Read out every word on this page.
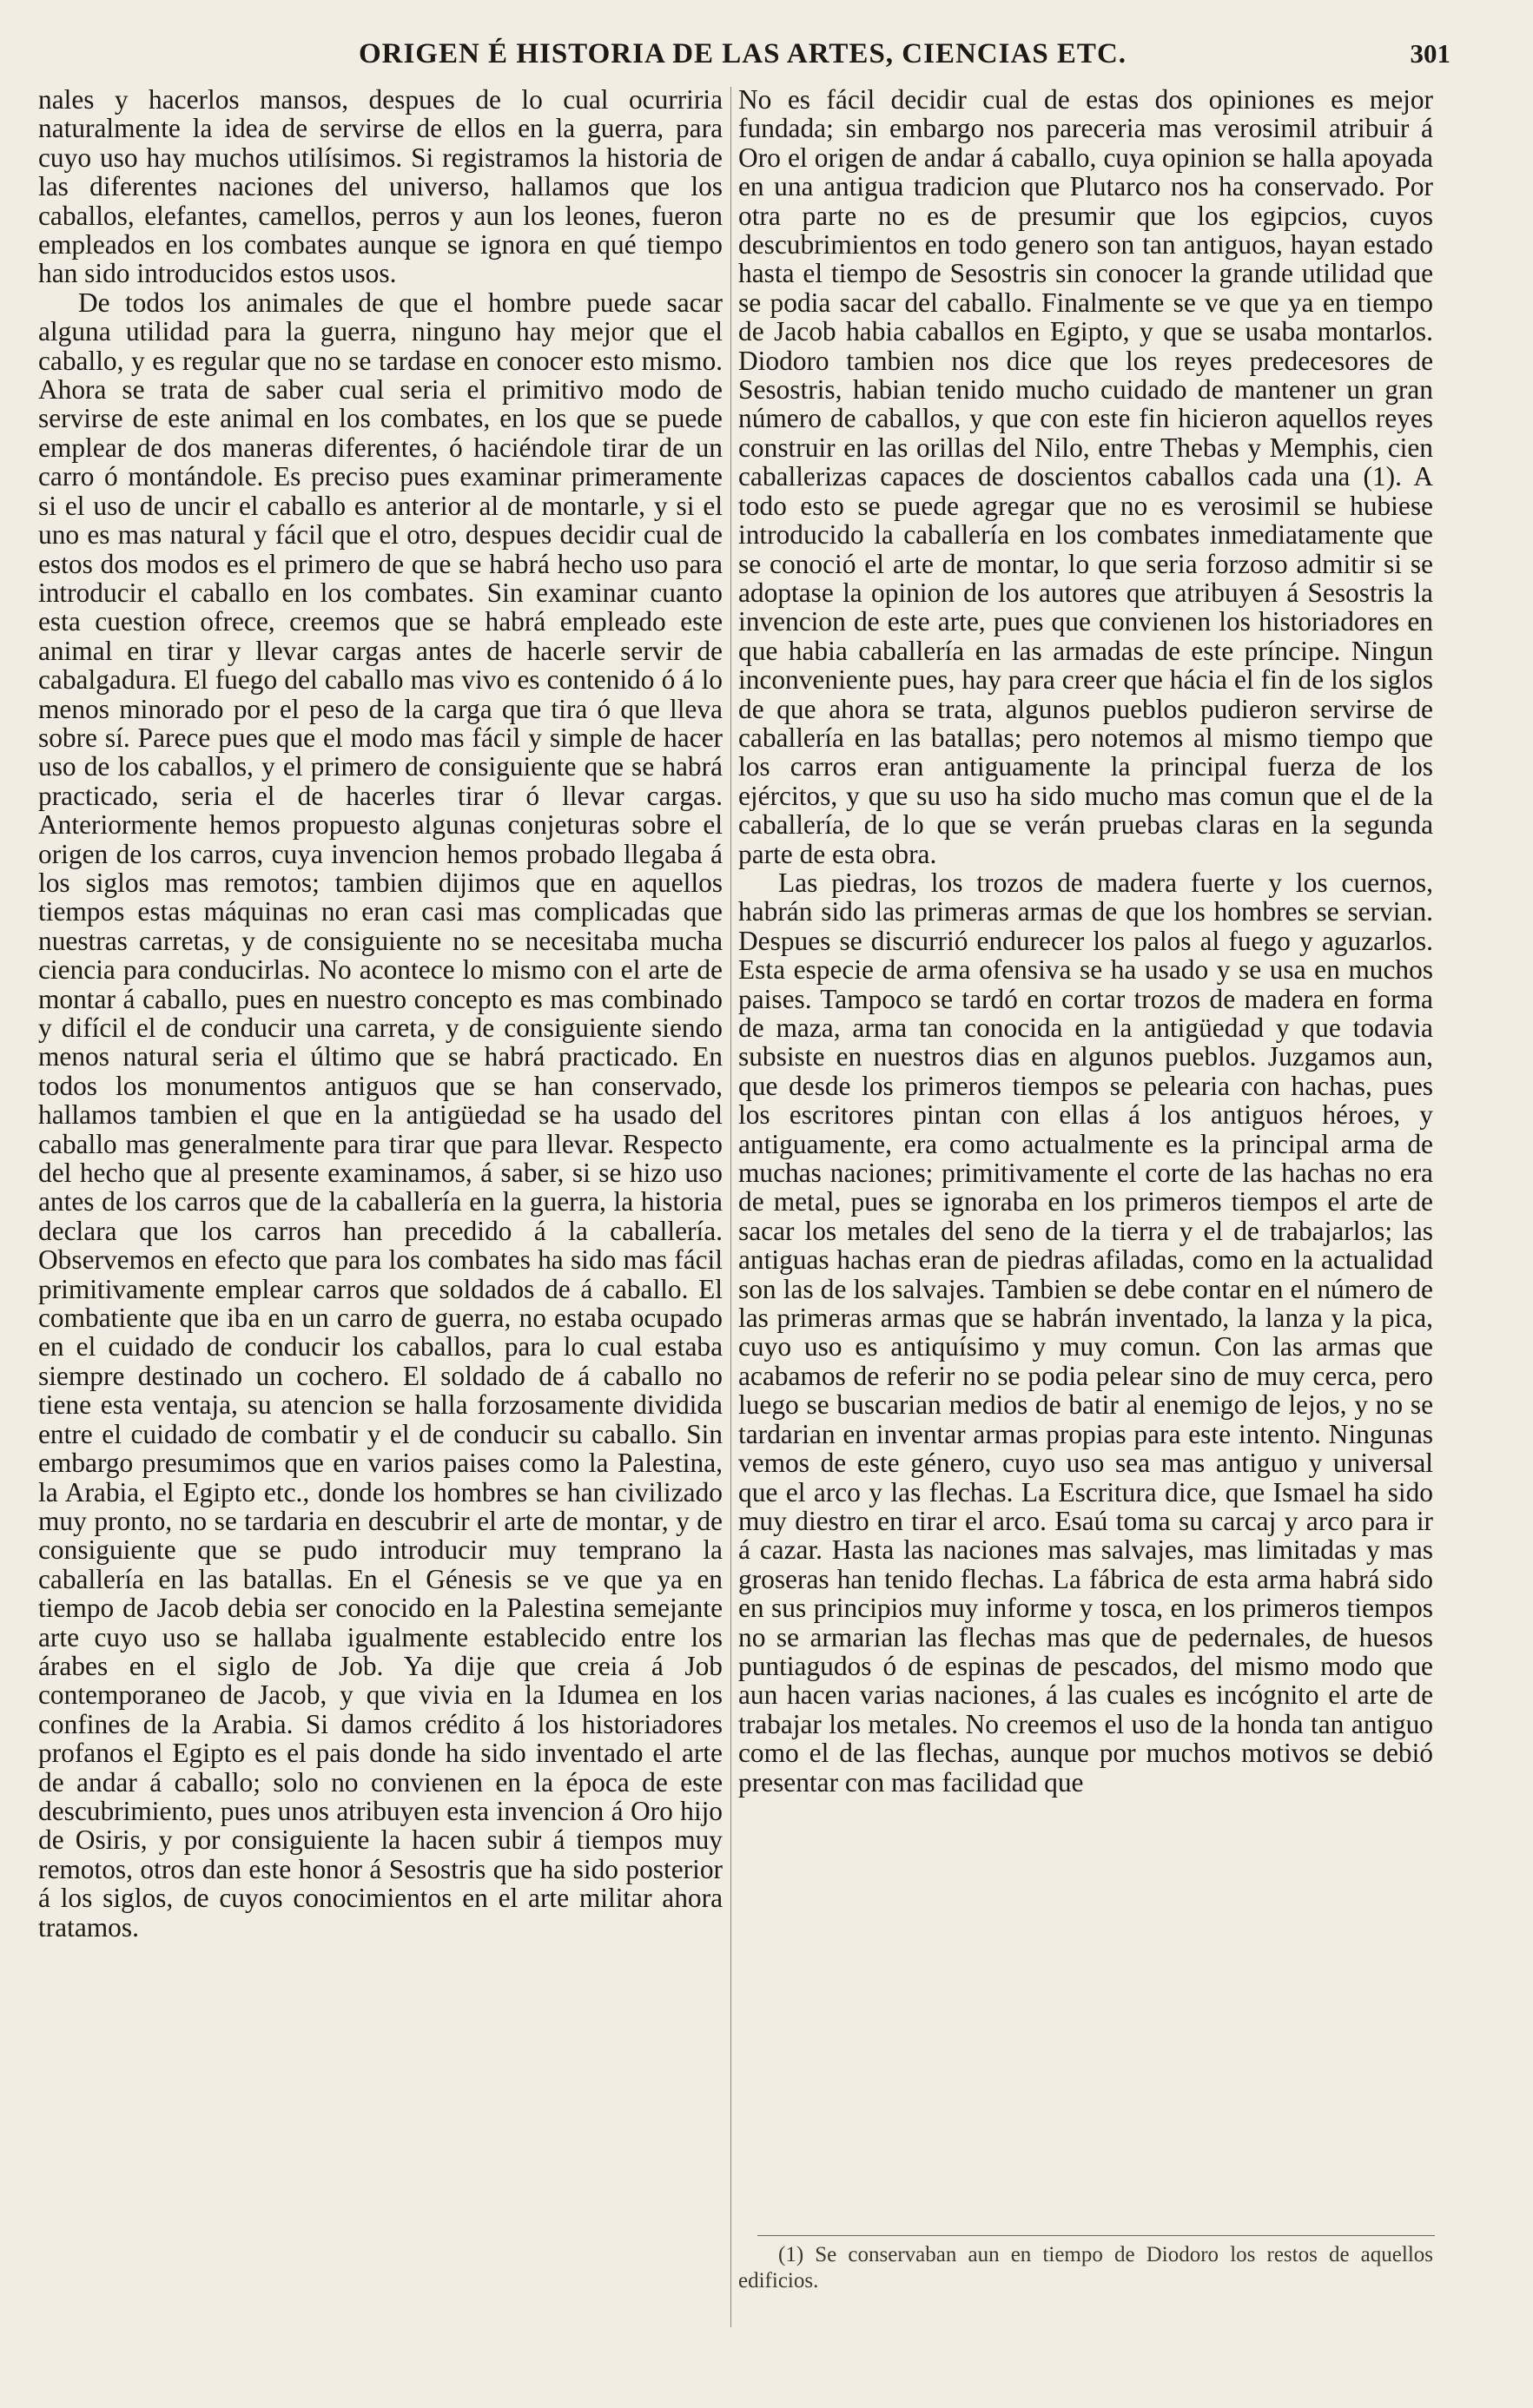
ORIGEN É HISTORIA DE LAS ARTES, CIENCIAS ETC.	301

nales y hacerlos mansos, despues de lo cual ocurriria naturalmente la idea de servirse de ellos en la guerra, para cuyo uso hay muchos utilísimos. Si registramos la historia de las diferentes naciones del universo, hallamos que los caballos, elefantes, camellos, perros y aun los leones, fueron empleados en los combates aunque se ignora en qué tiempo han sido introducidos estos usos.

De todos los animales de que el hombre puede sacar alguna utilidad para la guerra, ninguno hay mejor que el caballo, y es regular que no se tardase en conocer esto mismo. Ahora se trata de saber cual seria el primitivo modo de servirse de este animal en los combates, en los que se puede emplear de dos maneras diferentes, ó haciéndole tirar de un carro ó montándole. Es preciso pues examinar primeramente si el uso de uncir el caballo es anterior al de montarle, y si el uno es mas natural y fácil que el otro, despues decidir cual de estos dos modos es el primero de que se habrá hecho uso para introducir el caballo en los combates. Sin examinar cuanto esta cuestion ofrece, creemos que se habrá empleado este animal en tirar y llevar cargas antes de hacerle servir de cabalgadura. El fuego del caballo mas vivo es contenido ó á lo menos minorado por el peso de la carga que tira ó que lleva sobre sí. Parece pues que el modo mas fácil y simple de hacer uso de los caballos, y el primero de consiguiente que se habrá practicado, seria el de hacerles tirar ó llevar cargas. Anteriormente hemos propuesto algunas conjeturas sobre el origen de los carros, cuya invencion hemos probado llegaba á los siglos mas remotos; tambien dijimos que en aquellos tiempos estas máquinas no eran casi mas complicadas que nuestras carretas, y de consiguiente no se necesitaba mucha ciencia para conducirlas. No acontece lo mismo con el arte de montar á caballo, pues en nuestro concepto es mas combinado y difícil el de conducir una carreta, y de consiguiente siendo menos natural seria el último que se habrá practicado. En todos los monumentos antiguos que se han conservado, hallamos tambien el que en la antigüedad se ha usado del caballo mas generalmente para tirar que para llevar. Respecto del hecho que al presente examinamos, á saber, si se hizo uso antes de los carros que de la caballería en la guerra, la historia declara que los carros han precedido á la caballería. Observemos en efecto que para los combates ha sido mas fácil primitivamente emplear carros que soldados de á caballo. El combatiente que iba en un carro de guerra, no estaba ocupado en el cuidado de conducir los caballos, para lo cual estaba siempre destinado un cochero. El soldado de á caballo no tiene esta ventaja, su atencion se halla forzosamente dividida entre el cuidado de combatir y el de conducir su caballo. Sin embargo presumimos que en varios paises como la Palestina, la Arabia, el Egipto etc., donde los hombres se han civilizado muy pronto, no se tardaria en descubrir el arte de montar, y de consiguiente que se pudo introducir muy temprano la caballería en las batallas. En el Génesis se ve que ya en tiempo de Jacob debia ser conocido en la Palestina semejante arte cuyo uso se hallaba igualmente establecido entre los árabes en el siglo de Job. Ya dije que creia á Job contemporaneo de Jacob, y que vivia en la Idumea en los confines de la Arabia. Si damos crédito á los historiadores profanos el Egipto es el pais donde ha sido inventado el arte de andar á caballo; solo no convienen en la época de este descubrimiento, pues unos atribuyen esta invencion á Oro hijo de Osiris, y por consiguiente la hacen subir á tiempos muy remotos, otros dan este honor á Sesostris que ha sido posterior á los siglos, de cuyos conocimientos en el arte militar ahora tratamos.

No es fácil decidir cual de estas dos opiniones es mejor fundada; sin embargo nos pareceria mas verosimil atribuir á Oro el origen de andar á caballo, cuya opinion se halla apoyada en una antigua tradicion que Plutarco nos ha conservado. Por otra parte no es de presumir que los egipcios, cuyos descubrimientos en todo genero son tan antiguos, hayan estado hasta el tiempo de Sesostris sin conocer la grande utilidad que se podia sacar del caballo. Finalmente se ve que ya en tiempo de Jacob habia caballos en Egipto, y que se usaba montarlos. Diodoro tambien nos dice que los reyes predecesores de Sesostris, habian tenido mucho cuidado de mantener un gran número de caballos, y que con este fin hicieron aquellos reyes construir en las orillas del Nilo, entre Thebas y Memphis, cien caballerizas capaces de doscientos caballos cada una (1). A todo esto se puede agregar que no es verosimil se hubiese introducido la caballería en los combates inmediatamente que se conoció el arte de montar, lo que seria forzoso admitir si se adoptase la opinion de los autores que atribuyen á Sesostris la invencion de este arte, pues que convienen los historiadores en que habia caballería en las armadas de este príncipe. Ningun inconveniente pues, hay para creer que hácia el fin de los siglos de que ahora se trata, algunos pueblos pudieron servirse de caballería en las batallas; pero notemos al mismo tiempo que los carros eran antiguamente la principal fuerza de los ejércitos, y que su uso ha sido mucho mas comun que el de la caballería, de lo que se verán pruebas claras en la segunda parte de esta obra.

Las piedras, los trozos de madera fuerte y los cuernos, habrán sido las primeras armas de que los hombres se servian. Despues se discurrió endurecer los palos al fuego y aguzarlos. Esta especie de arma ofensiva se ha usado y se usa en muchos paises. Tampoco se tardó en cortar trozos de madera en forma de maza, arma tan conocida en la antigüedad y que todavia subsiste en nuestros dias en algunos pueblos. Juzgamos aun, que desde los primeros tiempos se pelearia con hachas, pues los escritores pintan con ellas á los antiguos héroes, y antiguamente, era como actualmente es la principal arma de muchas naciones; primitivamente el corte de las hachas no era de metal, pues se ignoraba en los primeros tiempos el arte de sacar los metales del seno de la tierra y el de trabajarlos; las antiguas hachas eran de piedras afiladas, como en la actualidad son las de los salvajes. Tambien se debe contar en el número de las primeras armas que se habrán inventado, la lanza y la pica, cuyo uso es antiquísimo y muy comun. Con las armas que acabamos de referir no se podia pelear sino de muy cerca, pero luego se buscarian medios de batir al enemigo de lejos, y no se tardarian en inventar armas propias para este intento. Ningunas vemos de este género, cuyo uso sea mas antiguo y universal que el arco y las flechas. La Escritura dice, que Ismael ha sido muy diestro en tirar el arco. Esaú toma su carcaj y arco para ir á cazar. Hasta las naciones mas salvajes, mas limitadas y mas groseras han tenido flechas. La fábrica de esta arma habrá sido en sus principios muy informe y tosca, en los primeros tiempos no se armarian las flechas mas que de pedernales, de huesos puntiagudos ó de espinas de pescados, del mismo modo que aun hacen varias naciones, á las cuales es incógnito el arte de trabajar los metales. No creemos el uso de la honda tan antiguo como el de las flechas, aunque por muchos motivos se debió presentar con mas facilidad que

(1) Se conservaban aun en tiempo de Diodoro los restos de aquellos edificios.
